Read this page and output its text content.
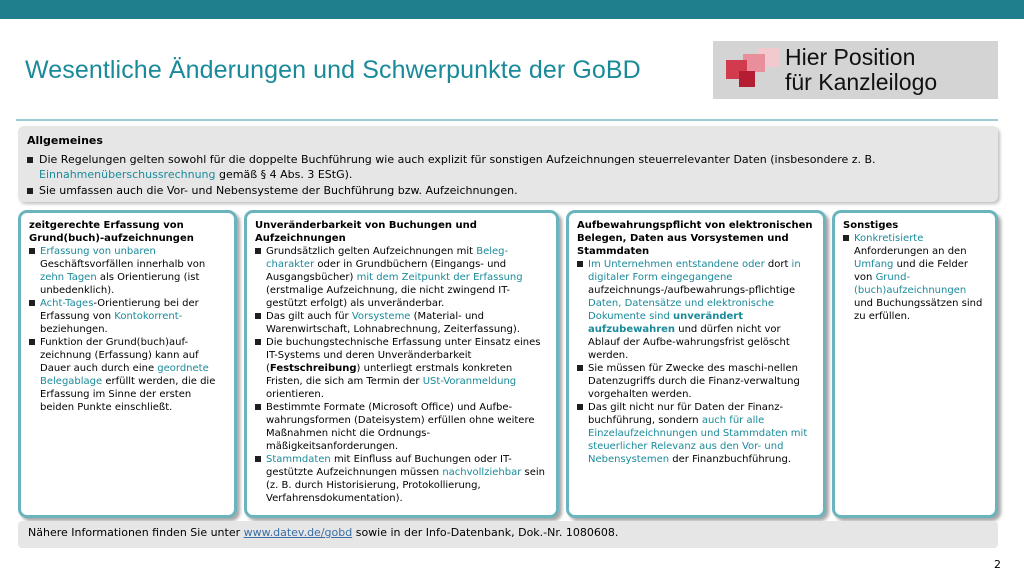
Wesentliche Änderungen und Schwerpunkte der GoBD	Hier Position
für Kanzleilogo
Allgemeines
Die Regelungen gelten sowohl für die doppelte Buchführung wie auch explizit für sonstigen Aufzeichnungen steuerrelevanter Daten (insbesondere z. B.
Einnahmenüberschussrechnung gemäß § 4 Abs. 3 EStG).
Sie umfassen auch die Vor- und Nebensysteme der Buchführung bzw. Aufzeichnungen.
zeitgerechte Erfassung von Grund(buch)-aufzeichnungen
Erfassung von unbaren Geschäftsvorfällen innerhalb von zehn Tagen als Orientierung (ist unbedenklich).
Acht-Tages-Orientierung bei der Erfassung von Kontokorrent- beziehungen.
Funktion der Grund(buch)auf-zeichnung (Erfassung) kann auf Dauer auch durch eine geordnete Belegablage erfüllt werden, die die Erfassung im Sinne der ersten beiden Punkte einschließt.
Unveränderbarkeit von Buchungen und Aufzeichnungen
Grundsätzlich gelten Aufzeichnungen mit Beleg-charakter oder in Grundbüchern (Eingangs- und Ausgangsbücher) mit dem Zeitpunkt der Erfassung (erstmalige Aufzeichnung, die nicht zwingend IT-gestützt erfolgt) als unveränderbar.
Das gilt auch für Vorsysteme (Material- und Warenwirtschaft, Lohnabrechnung, Zeiterfassung).
Die buchungstechnische Erfassung unter Einsatz eines IT-Systems und deren Unveränderbarkeit (Festschreibung) unterliegt erstmals konkreten Fristen, die sich am Termin der USt-Voranmeldung orientieren.
Bestimmte Formate (Microsoft Office) und Aufbe-wahrungsformen (Dateisystem) erfüllen ohne weitere Maßnahmen nicht die Ordnungs-mäßigkeitsanforderungen.
Stammdaten mit Einfluss auf Buchungen oder IT-gestützte Aufzeichnungen müssen nachvollziehbar sein (z. B. durch Historisierung, Protokollierung, Verfahrensdokumentation).
Aufbewahrungspflicht von elektronischen Belegen, Daten aus Vorsystemen und Stammdaten
Im Unternehmen entstandene oder dort in digitaler Form eingegangene aufzeichnungs-/aufbewahrungs-pflichtige Daten, Datensätze und elektronische Dokumente sind unverändert aufzubewahren und dürfen nicht vor Ablauf der Aufbe-wahrungsfrist gelöscht werden.
Sie müssen für Zwecke des maschi-nellen Datenzugriffs durch die Finanz-verwaltung vorgehalten werden.
Das gilt nicht nur für Daten der Finanz-buchführung, sondern auch für alle Einzelaufzeichnungen und Stammdaten mit steuerlicher Relevanz aus den Vor- und Nebensystemen der Finanzbuchführung.
Sonstiges
Konkretisierte Anforderungen an den Umfang und die Felder von Grund-(buch)aufzeichnungen und Buchungssätzen sind zu erfüllen.
Nähere Informationen finden Sie unter www.datev.de/gobd sowie in der Info-Datenbank, Dok.-Nr. 1080608.
2
